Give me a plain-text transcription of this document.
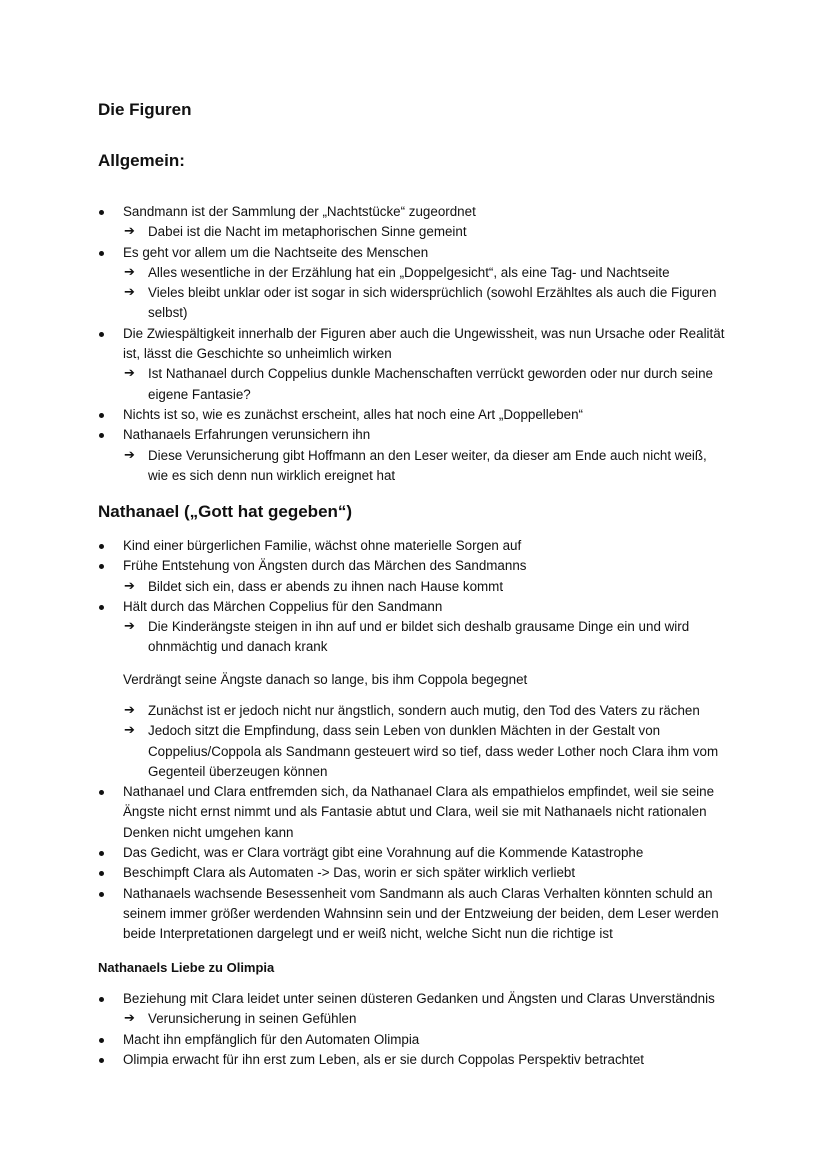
Die Figuren
Allgemein:
Sandmann ist der Sammlung der „Nachtstücke“ zugeordnet
➔ Dabei ist die Nacht im metaphorischen Sinne gemeint
Es geht vor allem um die Nachtseite des Menschen
➔ Alles wesentliche in der Erzählung hat ein „Doppelgesicht“, als eine Tag- und Nachtseite
➔ Vieles bleibt unklar oder ist sogar in sich widersprüchlich (sowohl Erzähltes als auch die Figuren selbst)
Die Zwiespältigkeit innerhalb der Figuren aber auch die Ungewissheit, was nun Ursache oder Realität ist, lässt die Geschichte so unheimlich wirken
➔ Ist Nathanael durch Coppelius dunkle Machenschaften verrückt geworden oder nur durch seine eigene Fantasie?
Nichts ist so, wie es zunächst erscheint, alles hat noch eine Art „Doppelleben“
Nathanaels Erfahrungen verunsichern ihn
➔ Diese Verunsicherung gibt Hoffmann an den Leser weiter, da dieser am Ende auch nicht weiß, wie es sich denn nun wirklich ereignet hat
Nathanael („Gott hat gegeben“)
Kind einer bürgerlichen Familie, wächst ohne materielle Sorgen auf
Frühe Entstehung von Ängsten durch das Märchen des Sandmanns
➔ Bildet sich ein, dass er abends zu ihnen nach Hause kommt
Hält durch das Märchen Coppelius für den Sandmann
➔ Die Kinderängste steigen in ihn auf und er bildet sich deshalb grausame Dinge ein und wird ohnmächtig und danach krank

Verdrängt seine Ängste danach so lange, bis ihm Coppola begegnet

➔ Zunächst ist er jedoch nicht nur ängstlich, sondern auch mutig, den Tod des Vaters zu rächen
➔ Jedoch sitzt die Empfindung, dass sein Leben von dunklen Mächten in der Gestalt von Coppelius/Coppola als Sandmann gesteuert wird so tief, dass weder Lother noch Clara ihm vom Gegenteil überzeugen können
Nathanael und Clara entfremden sich, da Nathanael Clara als empathielos empfindet, weil sie seine Ängste nicht ernst nimmt und als Fantasie abtut und Clara, weil sie mit Nathanaels nicht rationalen Denken nicht umgehen kann
Das Gedicht, was er Clara vorträgt gibt eine Vorahnung auf die Kommende Katastrophe
Beschimpft Clara als Automaten -> Das, worin er sich später wirklich verliebt
Nathanaels wachsende Besessenheit vom Sandmann als auch Claras Verhalten könnten schuld an seinem immer größer werdenden Wahnsinn sein und der Entzweiung der beiden, dem Leser werden beide Interpretationen dargelegt und er weiß nicht, welche Sicht nun die richtige ist
Nathanaels Liebe zu Olimpia
Beziehung mit Clara leidet unter seinen düsteren Gedanken und Ängsten und Claras Unverständnis
➔ Verunsicherung in seinen Gefühlen
Macht ihn empfänglich für den Automaten Olimpia
Olimpia erwacht für ihn erst zum Leben, als er sie durch Coppolas Perspektiv betrachtet
